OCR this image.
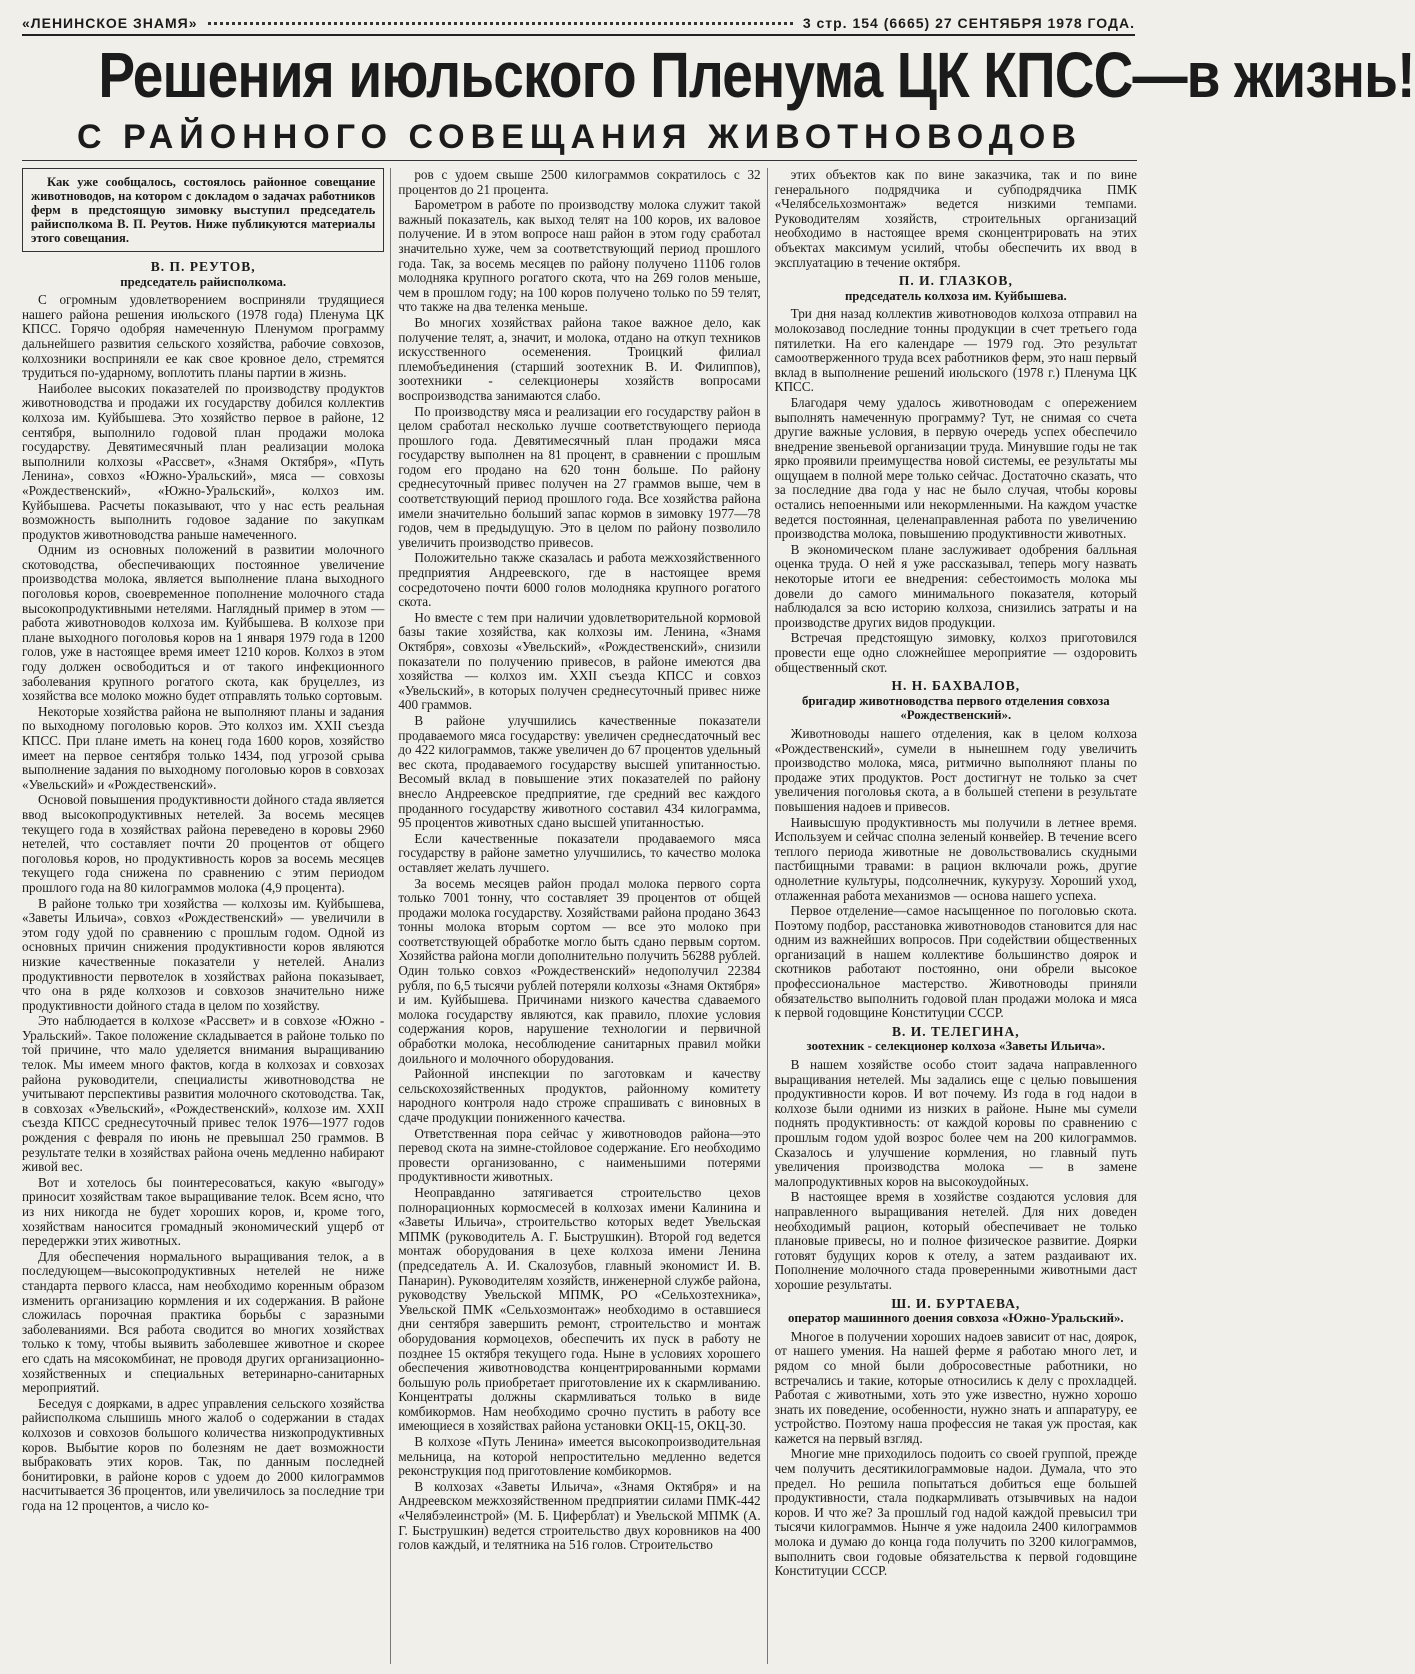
«ЛЕНИНСКОЕ ЗНАМЯ»	3 стр. 154 (6665) 27 СЕНТЯБРЯ 1978 ГОДА.
Решения июльского Пленума ЦК КПСС—в жизнь!
С РАЙОННОГО СОВЕЩАНИЯ ЖИВОТНОВОДОВ

Как уже сообщалось, состоялось районное совещание животноводов, на котором с докладом о задачах работников ферм в предстоящую зимовку выступил председатель райисполкома В. П. Реутов. Ниже публикуются материалы этого совещания.

В. П. РЕУТОВ,
председатель райисполкома.

С огромным удовлетворением восприняли трудящиеся нашего района решения июльского (1978 года) Пленума ЦК КПСС. Горячо одобряя намеченную Пленумом программу дальнейшего развития сельского хозяйства, рабочие совхозов, колхозники восприняли ее как свое кровное дело, стремятся трудиться по-ударному, воплотить планы партии в жизнь.

Наиболее высоких показателей по производству продуктов животноводства и продажи их государству добился коллектив колхоза им. Куйбышева. Это хозяйство первое в районе, 12 сентября, выполнило годовой план продажи молока государству. Девятимесячный план реализации молока выполнили колхозы «Рассвет», «Знамя Октября», «Путь Ленина», совхоз «Южно-Уральский», мяса — совхозы «Рождественский», «Южно-Уральский», колхоз им. Куйбышева. Расчеты показывают, что у нас есть реальная возможность выполнить годовое задание по закупкам продуктов животноводства раньше намеченного.

Одним из основных положений в развитии молочного скотоводства, обеспечивающих постоянное увеличение производства молока, является выполнение плана выходного поголовья коров, своевременное пополнение молочного стада высокопродуктивными нетелями. Наглядный пример в этом — работа животноводов колхоза им. Куйбышева. В колхозе при плане выходного поголовья коров на 1 января 1979 года в 1200 голов, уже в настоящее время имеет 1210 коров. Колхоз в этом году должен освободиться и от такого инфекционного заболевания крупного рогатого скота, как бруцеллез, из хозяйства все молоко можно будет отправлять только сортовым.

Некоторые хозяйства района не выполняют планы и задания по выходному поголовью коров. Это колхоз им. XXII съезда КПСС. При плане иметь на конец года 1600 коров, хозяйство имеет на первое сентября только 1434, под угрозой срыва выполнение задания по выходному поголовью коров в совхозах «Увельский» и «Рождественский».

Основой повышения продуктивности дойного стада является ввод высокопродуктивных нетелей. За восемь месяцев текущего года в хозяйствах района переведено в коровы 2960 нетелей, что составляет почти 20 процентов от общего поголовья коров, но продуктивность коров за восемь месяцев текущего года снижена по сравнению с этим периодом прошлого года на 80 килограммов молока (4,9 процента).

В районе только три хозяйства — колхозы им. Куйбышева, «Заветы Ильича», совхоз «Рождественский» — увеличили в этом году удой по сравнению с прошлым годом. Одной из основных причин снижения продуктивности коров являются низкие качественные показатели у нетелей. Анализ продуктивности первотелок в хозяйствах района показывает, что она в ряде колхозов и совхозов значительно ниже продуктивности дойного стада в целом по хозяйству.

Это наблюдается в колхозе «Рассвет» и в совхозе «Южно - Уральский». Такое положение складывается в районе только по той причине, что мало уделяется внимания выращиванию телок. Мы имеем много фактов, когда в колхозах и совхозах района руководители, специалисты животноводства не учитывают перспективы развития молочного скотоводства. Так, в совхозах «Увельский», «Рождественский», колхозе им. XXII съезда КПСС среднесуточный привес телок 1976—1977 годов рождения с февраля по июнь не превышал 250 граммов. В результате телки в хозяйствах района очень медленно набирают живой вес.

Вот и хотелось бы поинтересоваться, какую «выгоду» приносит хозяйствам такое выращивание телок. Всем ясно, что из них никогда не будет хороших коров, и, кроме того, хозяйствам наносится громадный экономический ущерб от передержки этих животных.

Для обеспечения нормального выращивания телок, а в последующем—высокопродуктивных нетелей не ниже стандарта первого класса, нам необходимо коренным образом изменить организацию кормления и их содержания. В районе сложилась порочная практика борьбы с заразными заболеваниями. Вся работа сводится во многих хозяйствах только к тому, чтобы выявить заболевшее животное и скорее его сдать на мясокомбинат, не проводя других организационно-хозяйственных и специальных ветеринарно-санитарных мероприятий.

Беседуя с доярками, в адрес управления сельского хозяйства райисполкома слышишь много жалоб о содержании в стадах колхозов и совхозов большого количества низкопродуктивных коров. Выбытие коров по болезням не дает возможности выбраковать этих коров. Так, по данным последней бонитировки, в районе коров с удоем до 2000 килограммов насчитывается 36 процентов, или увеличилось за последние три года на 12 процентов, а число ко-

ров с удоем свыше 2500 килограммов сократилось с 32 процентов до 21 процента.

Барометром в работе по производству молока служит такой важный показатель, как выход телят на 100 коров, их валовое получение. И в этом вопросе наш район в этом году сработал значительно хуже, чем за соответствующий период прошлого года. Так, за восемь месяцев по району получено 11106 голов молодняка крупного рогатого скота, что на 269 голов меньше, чем в прошлом году; на 100 коров получено только по 59 телят, что также на два теленка меньше.

Во многих хозяйствах района такое важное дело, как получение телят, а, значит, и молока, отдано на откуп техников искусственного осеменения. Троицкий филиал племобъединения (старший зоотехник В. И. Филиппов), зоотехники - селекционеры хозяйств вопросами воспроизводства занимаются слабо.

По производству мяса и реализации его государству район в целом сработал несколько лучше соответствующего периода прошлого года. Девятимесячный план продажи мяса государству выполнен на 81 процент, в сравнении с прошлым годом его продано на 620 тонн больше. По району среднесуточный привес получен на 27 граммов выше, чем в соответствующий период прошлого года. Все хозяйства района имели значительно больший запас кормов в зимовку 1977—78 годов, чем в предыдущую. Это в целом по району позволило увеличить производство привесов.

Положительно также сказалась и работа межхозяйственного предприятия Андреевского, где в настоящее время сосредоточено почти 6000 голов молодняка крупного рогатого скота.

Но вместе с тем при наличии удовлетворительной кормовой базы такие хозяйства, как колхозы им. Ленина, «Знамя Октября», совхозы «Увельский», «Рождественский», снизили показатели по получению привесов, в районе имеются два хозяйства — колхоз им. XXII съезда КПСС и совхоз «Увельский», в которых получен среднесуточный привес ниже 400 граммов.

В районе улучшились качественные показатели продаваемого мяса государству: увеличен среднесдаточный вес до 422 килограммов, также увеличен до 67 процентов удельный вес скота, продаваемого государству высшей упитанностью. Весомый вклад в повышение этих показателей по району внесло Андреевское предприятие, где средний вес каждого проданного государству животного составил 434 килограмма, 95 процентов животных сдано высшей упитанностью.

Если качественные показатели продаваемого мяса государству в районе заметно улучшились, то качество молока оставляет желать лучшего.

За восемь месяцев район продал молока первого сорта только 7001 тонну, что составляет 39 процентов от общей продажи молока государству. Хозяйствами района продано 3643 тонны молока вторым сортом — все это молоко при соответствующей обработке могло быть сдано первым сортом. Хозяйства района могли дополнительно получить 56288 рублей. Один только совхоз «Рождественский» недополучил 22384 рубля, по 6,5 тысячи рублей потеряли колхозы «Знамя Октября» и им. Куйбышева. Причинами низкого качества сдаваемого молока государству являются, как правило, плохие условия содержания коров, нарушение технологии и первичной обработки молока, несоблюдение санитарных правил мойки доильного и молочного оборудования.

Районной инспекции по заготовкам и качеству сельскохозяйственных продуктов, районному комитету народного контроля надо строже спрашивать с виновных в сдаче продукции пониженного качества.

Ответственная пора сейчас у животноводов района—это перевод скота на зимне-стойловое содержание. Его необходимо провести организованно, с наименьшими потерями продуктивности животных.

Неоправданно затягивается строительство цехов полнорационных кормосмесей в колхозах имени Калинина и «Заветы Ильича», строительство которых ведет Увельская МПМК (руководитель А. Г. Быструшкин). Второй год ведется монтаж оборудования в цехе колхоза имени Ленина (председатель А. И. Скалозубов, главный экономист И. В. Панарин). Руководителям хозяйств, инженерной службе района, руководству Увельской МПМК, РО «Сельхозтехника», Увельской ПМК «Сельхозмонтаж» необходимо в оставшиеся дни сентября завершить ремонт, строительство и монтаж оборудования кормоцехов, обеспечить их пуск в работу не позднее 15 октября текущего года. Ныне в условиях хорошего обеспечения животноводства концентрированными кормами большую роль приобретает приготовление их к скармливанию. Концентраты должны скармливаться только в виде комбикормов. Нам необходимо срочно пустить в работу все имеющиеся в хозяйствах района установки ОКЦ-15, ОКЦ-30.

В колхозе «Путь Ленина» имеется высокопроизводительная мельница, на которой непростительно медленно ведется реконструкция под приготовление комбикормов.

В колхозах «Заветы Ильича», «Знамя Октября» и на Андреевском межхозяйственном предприятии силами ПМК-442 «Челябэлеинстрой» (М. Б. Циферблат) и Увельской МПМК (А. Г. Быструшкин) ведется строительство двух коровников на 400 голов каждый, и телятника на 516 голов. Строительство

этих объектов как по вине заказчика, так и по вине генерального подрядчика и субподрядчика ПМК «Челябсельхозмонтаж» ведется низкими темпами. Руководителям хозяйств, строительных организаций необходимо в настоящее время сконцентрировать на этих объектах максимум усилий, чтобы обеспечить их ввод в эксплуатацию в течение октября.

П. И. ГЛАЗКОВ,
председатель колхоза им. Куйбышева.

Три дня назад коллектив животноводов колхоза отправил на молокозавод последние тонны продукции в счет третьего года пятилетки. На его календаре — 1979 год. Это результат самоотверженного труда всех работников ферм, это наш первый вклад в выполнение решений июльского (1978 г.) Пленума ЦК КПСС.

Благодаря чему удалось животноводам с опережением выполнять намеченную программу? Тут, не снимая со счета другие важные условия, в первую очередь успех обеспечило внедрение звеньевой организации труда. Минувшие годы не так ярко проявили преимущества новой системы, ее результаты мы ощущаем в полной мере только сейчас. Достаточно сказать, что за последние два года у нас не было случая, чтобы коровы остались непоенными или некормленными. На каждом участке ведется постоянная, целенаправленная работа по увеличению производства молока, повышению продуктивности животных.

В экономическом плане заслуживает одобрения балльная оценка труда. О ней я уже рассказывал, теперь могу назвать некоторые итоги ее внедрения: себестоимость молока мы довели до самого минимального показателя, который наблюдался за всю историю колхоза, снизились затраты и на производстве других видов продукции.

Встречая предстоящую зимовку, колхоз приготовился провести еще одно сложнейшее мероприятие — оздоровить общественный скот.

Н. Н. БАХВАЛОВ,
бригадир животноводства первого отделения совхоза «Рождественский».

Животноводы нашего отделения, как в целом колхоза «Рождественский», сумели в нынешнем году увеличить производство молока, мяса, ритмично выполняют планы по продаже этих продуктов. Рост достигнут не только за счет увеличения поголовья скота, а в большей степени в результате повышения надоев и привесов.

Наивысшую продуктивность мы получили в летнее время. Используем и сейчас сполна зеленый конвейер. В течение всего теплого периода животные не довольствовались скудными пастбищными травами: в рацион включали рожь, другие однолетние культуры, подсолнечник, кукурузу. Хороший уход, отлаженная работа механизмов — основа нашего успеха.

Первое отделение—самое насыщенное по поголовью скота. Поэтому подбор, расстановка животноводов становится для нас одним из важнейших вопросов. При содействии общественных организаций в нашем коллективе большинство доярок и скотников работают постоянно, они обрели высокое профессиональное мастерство. Животноводы приняли обязательство выполнить годовой план продажи молока и мяса к первой годовщине Конституции СССР.

В. И. ТЕЛЕГИНА,
зоотехник - селекционер колхоза «Заветы Ильича».

В нашем хозяйстве особо стоит задача направленного выращивания нетелей. Мы задались еще с целью повышения продуктивности коров. И вот почему. Из года в год надои в колхозе были одними из низких в районе. Ныне мы сумели поднять продуктивность: от каждой коровы по сравнению с прошлым годом удой возрос более чем на 200 килограммов. Сказалось и улучшение кормления, но главный путь увеличения производства молока — в замене малопродуктивных коров на высокоудойных.

В настоящее время в хозяйстве создаются условия для направленного выращивания нетелей. Для них доведен необходимый рацион, который обеспечивает не только плановые привесы, но и полное физическое развитие. Доярки готовят будущих коров к отелу, а затем раздаивают их. Пополнение молочного стада проверенными животными даст хорошие результаты.

Ш. И. БУРТАЕВА,
оператор машинного доения совхоза «Южно-Уральский».

Многое в получении хороших надоев зависит от нас, доярок, от нашего умения. На нашей ферме я работаю много лет, и рядом со мной были добросовестные работники, но встречались и такие, которые относились к делу с прохладцей. Работая с животными, хоть это уже известно, нужно хорошо знать их поведение, особенности, нужно знать и аппаратуру, ее устройство. Поэтому наша профессия не такая уж простая, как кажется на первый взгляд.

Многие мне приходилось подоить со своей группой, прежде чем получить десятикилограммовые надои. Думала, что это предел. Но решила попытаться добиться еще большей продуктивности, стала подкармливать отзывчивых на надои коров. И что же? За прошлый год надой каждой превысил три тысячи килограммов. Нынче я уже надоила 2400 килограммов молока и думаю до конца года получить по 3200 килограммов, выполнить свои годовые обязательства к первой годовщине Конституции СССР.
